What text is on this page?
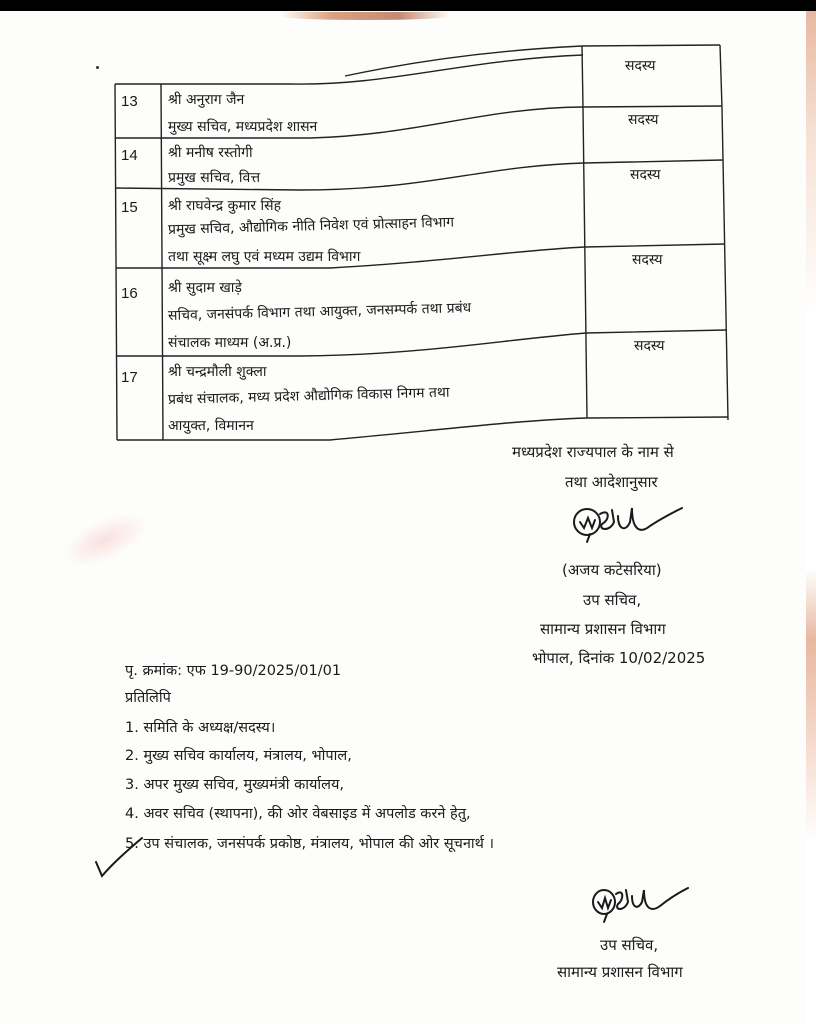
सदस्य
13 श्री अनुराग जैन
मुख्य सचिव, मध्यप्रदेश शासन	सदस्य
14 श्री मनीष रस्तोगी
प्रमुख सचिव, वित्त	सदस्य
15 श्री राघवेन्द्र कुमार सिंह
प्रमुख सचिव, औद्योगिक नीति निवेश एवं प्रोत्साहन विभाग
तथा सूक्ष्म लघु एवं मध्यम उद्यम विभाग	सदस्य
16 श्री सुदाम खाड़े
सचिव, जनसंपर्क विभाग तथा आयुक्त, जनसम्पर्क तथा प्रबंध
संचालक माध्यम (अ.प्र.)	सदस्य
17 श्री चन्द्रमौली शुक्ला
प्रबंध संचालक, मध्य प्रदेश औद्योगिक विकास निगम तथा
आयुक्त, विमानन
मध्यप्रदेश राज्यपाल के नाम से
तथा आदेशानुसार
(अजय कटेसरिया)
उप सचिव,
सामान्य प्रशासन विभाग
भोपाल, दिनांक 10/02/2025
पृ. क्रमांक: एफ 19-90/2025/01/01
प्रतिलिपि
1. समिति के अध्यक्ष/सदस्य।
2. मुख्य सचिव कार्यालय, मंत्रालय, भोपाल,
3. अपर मुख्य सचिव, मुख्यमंत्री कार्यालय,
4. अवर सचिव (स्थापना), की ओर वेबसाइड में अपलोड करने हेतु,
5. उप संचालक, जनसंपर्क प्रकोष्ठ, मंत्रालय, भोपाल की ओर सूचनार्थ ।
उप सचिव,
सामान्य प्रशासन विभाग
